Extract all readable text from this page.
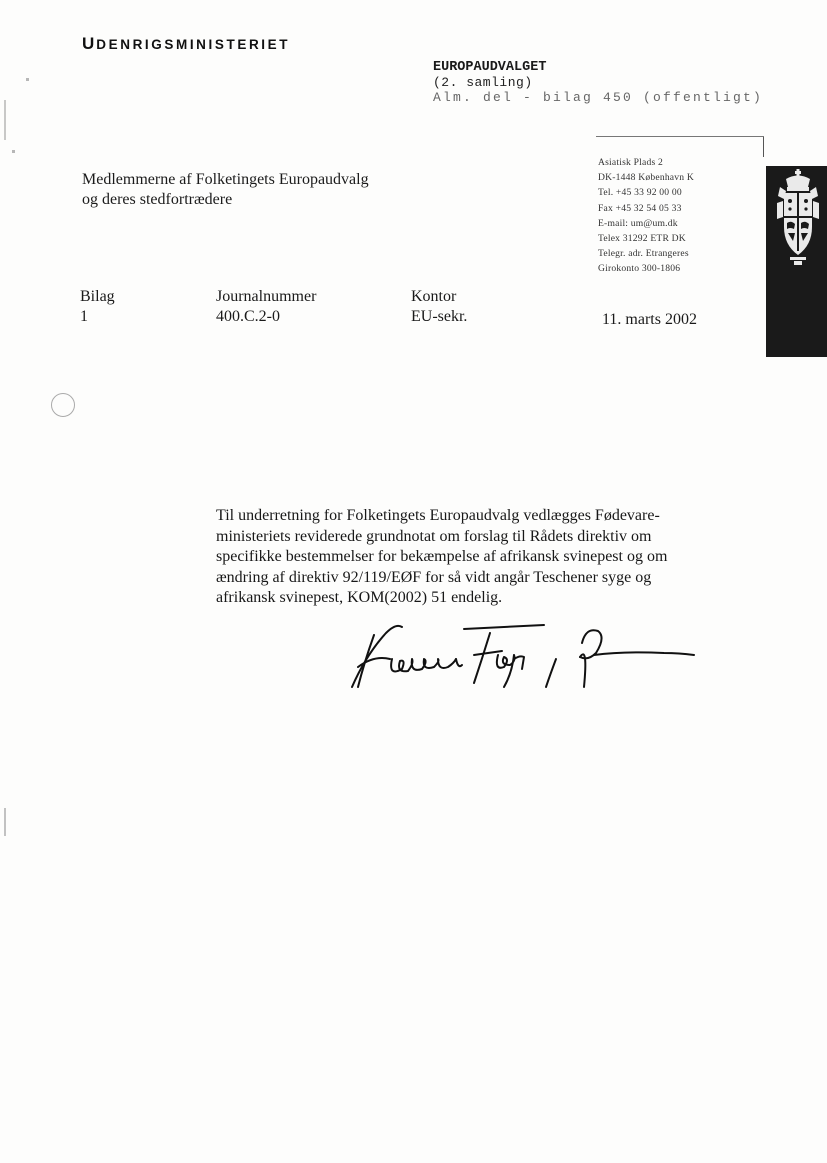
UDENRIGSMINISTERIET
EUROPAUDVALGET
(2. samling)
Alm. del - bilag 450 (offentligt)
Asiatisk Plads 2
DK-1448 København K
Tel. +45 33 92 00 00
Fax +45 32 54 05 33
E-mail: um@um.dk
Telex 31292 ETR DK
Telegr. adr. Etrangeres
Girokonto 300-1806
Medlemmerne af Folketingets Europaudvalg
og deres stedfortrædere
Bilag
1
Journalnummer
400.C.2-0
Kontor
EU-sekr.	11. marts 2002
Til underretning for Folketingets Europaudvalg vedlægges Fødevare-
ministeriets reviderede grundnotat om forslag til Rådets direktiv om
specifikke bestemmelser for bekæmpelse af afrikansk svinepest og om
ændring af direktiv 92/119/EØF for så vidt angår Teschener syge og
afrikansk svinepest, KOM(2002) 51 endelig.
